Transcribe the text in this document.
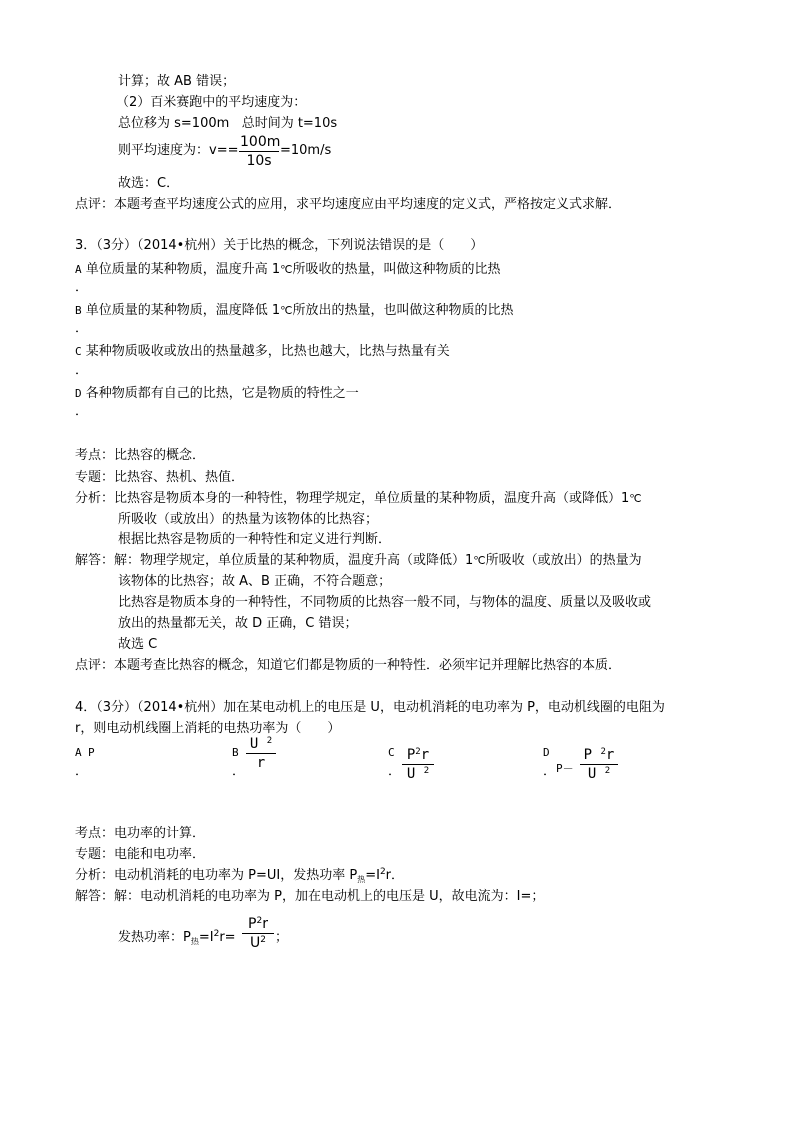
计算；故 AB 错误；
（2）百米赛跑中的平均速度为：
总位移为 s=100m 总时间为 t=10s
则平均速度为：v==
100m
10s
=10m/s
故选：C．
点评：本题考查平均速度公式的应用，求平均速度应由平均速度的定义式，严格按定义式求解．
3．（3分）（2014•杭州）关于比热的概念，下列说法错误的是（　　）
A 单位质量的某种物质，温度升高 1℃所吸收的热量，叫做这种物质的比热
．
B 单位质量的某种物质，温度降低 1℃所放出的热量，也叫做这种物质的比热
．
C 某种物质吸收或放出的热量越多，比热也越大，比热与热量有关
．
D 各种物质都有自己的比热，它是物质的特性之一
．
考点：比热容的概念．
专题：比热容、热机、热值．
分析：比热容是物质本身的一种特性，物理学规定，单位质量的某种物质，温度升高（或降低）1℃
所吸收（或放出）的热量为该物体的比热容；
根据比热容是物质的一种特性和定义进行判断．
解答：解：物理学规定，单位质量的某种物质，温度升高（或降低）1℃所吸收（或放出）的热量为
该物体的比热容；故 A、B 正确，不符合题意；
比热容是物质本身的一种特性，不同物质的比热容一般不同，与物体的温度、质量以及吸收或
放出的热量都无关，故 D 正确，C 错误；
故选 C
点评：本题考查比热容的概念，知道它们都是物质的一种特性．必须牢记并理解比热容的本质．
4．（3分）（2014•杭州）加在某电动机上的电压是 U，电动机消耗的电功率为 P，电动机线圈的电阻为
r，则电动机线圈上消耗的电热功率为（　　）
A P
．
B
．
U $^2$
r
C
．
$P^2r$
U $^2$
D
． P－
P $^2$r
U $^2$
考点：电功率的计算．
专题：电能和电功率．
分析：电动机消耗的电功率为 P=UI，发热功率 $P_热=I^2r$．
解答：解：电动机消耗的电功率为 P，加在电动机上的电压是 U，故电流为：I=；
发热功率：$P_热=I^2r=$
$P^2r$
$U^2$ ；
